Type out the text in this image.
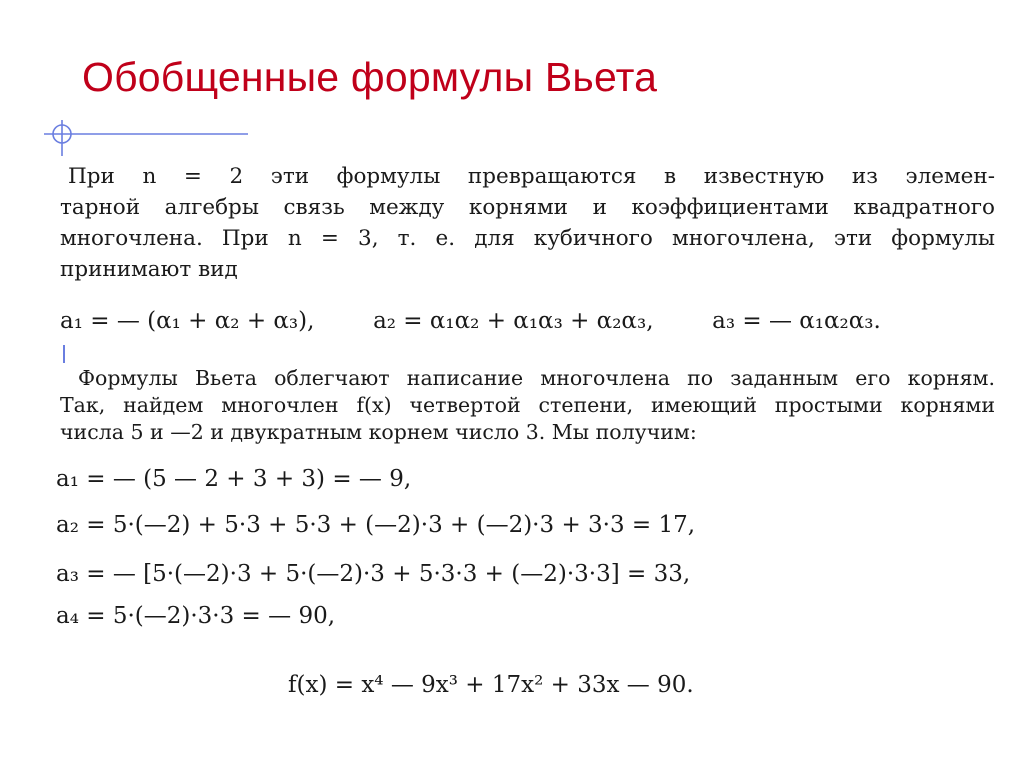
Обобщенные формулы Вьета
При n = 2 эти формулы превращаются в известную из элемен-
тарной алгебры связь между корнями и коэффициентами квадратного
многочлена. При n = 3, т. е. для кубичного многочлена, эти формулы
принимают вид
a₁ = — (α₁ + α₂ + α₃),	a₂ = α₁α₂ + α₁α₃ + α₂α₃,	a₃ = — α₁α₂α₃.
Формулы Вьета облегчают написание многочлена по заданным его корням.
Так, найдем многочлен f(x) четвертой степени, имеющий простыми корнями
числа 5 и —2 и двукратным корнем число 3. Мы получим:
a₁ = — (5 — 2 + 3 + 3) = — 9,
a₂ = 5·(—2) + 5·3 + 5·3 + (—2)·3 + (—2)·3 + 3·3 = 17,
a₃ = — [5·(—2)·3 + 5·(—2)·3 + 5·3·3 + (—2)·3·3] = 33,
a₄ = 5·(—2)·3·3 = — 90,
f(x) = x⁴ — 9x³ + 17x² + 33x — 90.
